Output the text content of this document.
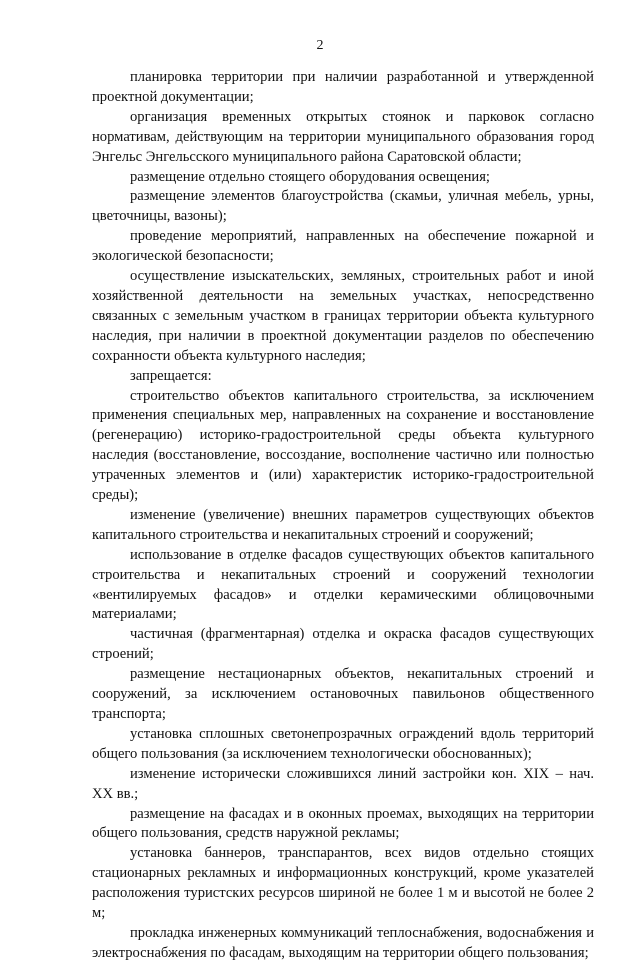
2

планировка территории при наличии разработанной и утвержденной проектной документации;

организация временных открытых стоянок и парковок согласно нормативам, действующим на территории муниципального образования город Энгельс Энгельсского муниципального района Саратовской области;

размещение отдельно стоящего оборудования освещения;

размещение элементов благоустройства (скамьи, уличная мебель, урны, цветочницы, вазоны);

проведение мероприятий, направленных на обеспечение пожарной и экологической безопасности;

осуществление изыскательских, земляных, строительных работ и иной хозяйственной деятельности на земельных участках, непосредственно связанных с земельным участком в границах территории объекта культурного наследия, при наличии в проектной документации разделов по обеспечению сохранности объекта культурного наследия;

запрещается:

строительство объектов капитального строительства, за исключением применения специальных мер, направленных на сохранение и восстановление (регенерацию) историко-градостроительной среды объекта культурного наследия (восстановление, воссоздание, восполнение частично или полностью утраченных элементов и (или) характеристик историко-градостроительной среды);

изменение (увеличение) внешних параметров существующих объектов капитального строительства и некапитальных строений и сооружений;

использование в отделке фасадов существующих объектов капитального строительства и некапитальных строений и сооружений технологии «вентилируемых фасадов» и отделки керамическими облицовочными материалами;

частичная (фрагментарная) отделка и окраска фасадов существующих строений;

размещение нестационарных объектов, некапитальных строений и сооружений, за исключением остановочных павильонов общественного транспорта;

установка сплошных светонепрозрачных ограждений вдоль территорий общего пользования (за исключением технологически обоснованных);

изменение исторически сложившихся линий застройки кон. XIX – нач. XX вв.;

размещение на фасадах и в оконных проемах, выходящих на территории общего пользования, средств наружной рекламы;

установка баннеров, транспарантов, всех видов отдельно стоящих стационарных рекламных и информационных конструкций, кроме указателей расположения туристских ресурсов шириной не более 1 м и высотой не более 2 м;

прокладка инженерных коммуникаций теплоснабжения, водоснабжения и электроснабжения по фасадам, выходящим на территории общего пользования;
